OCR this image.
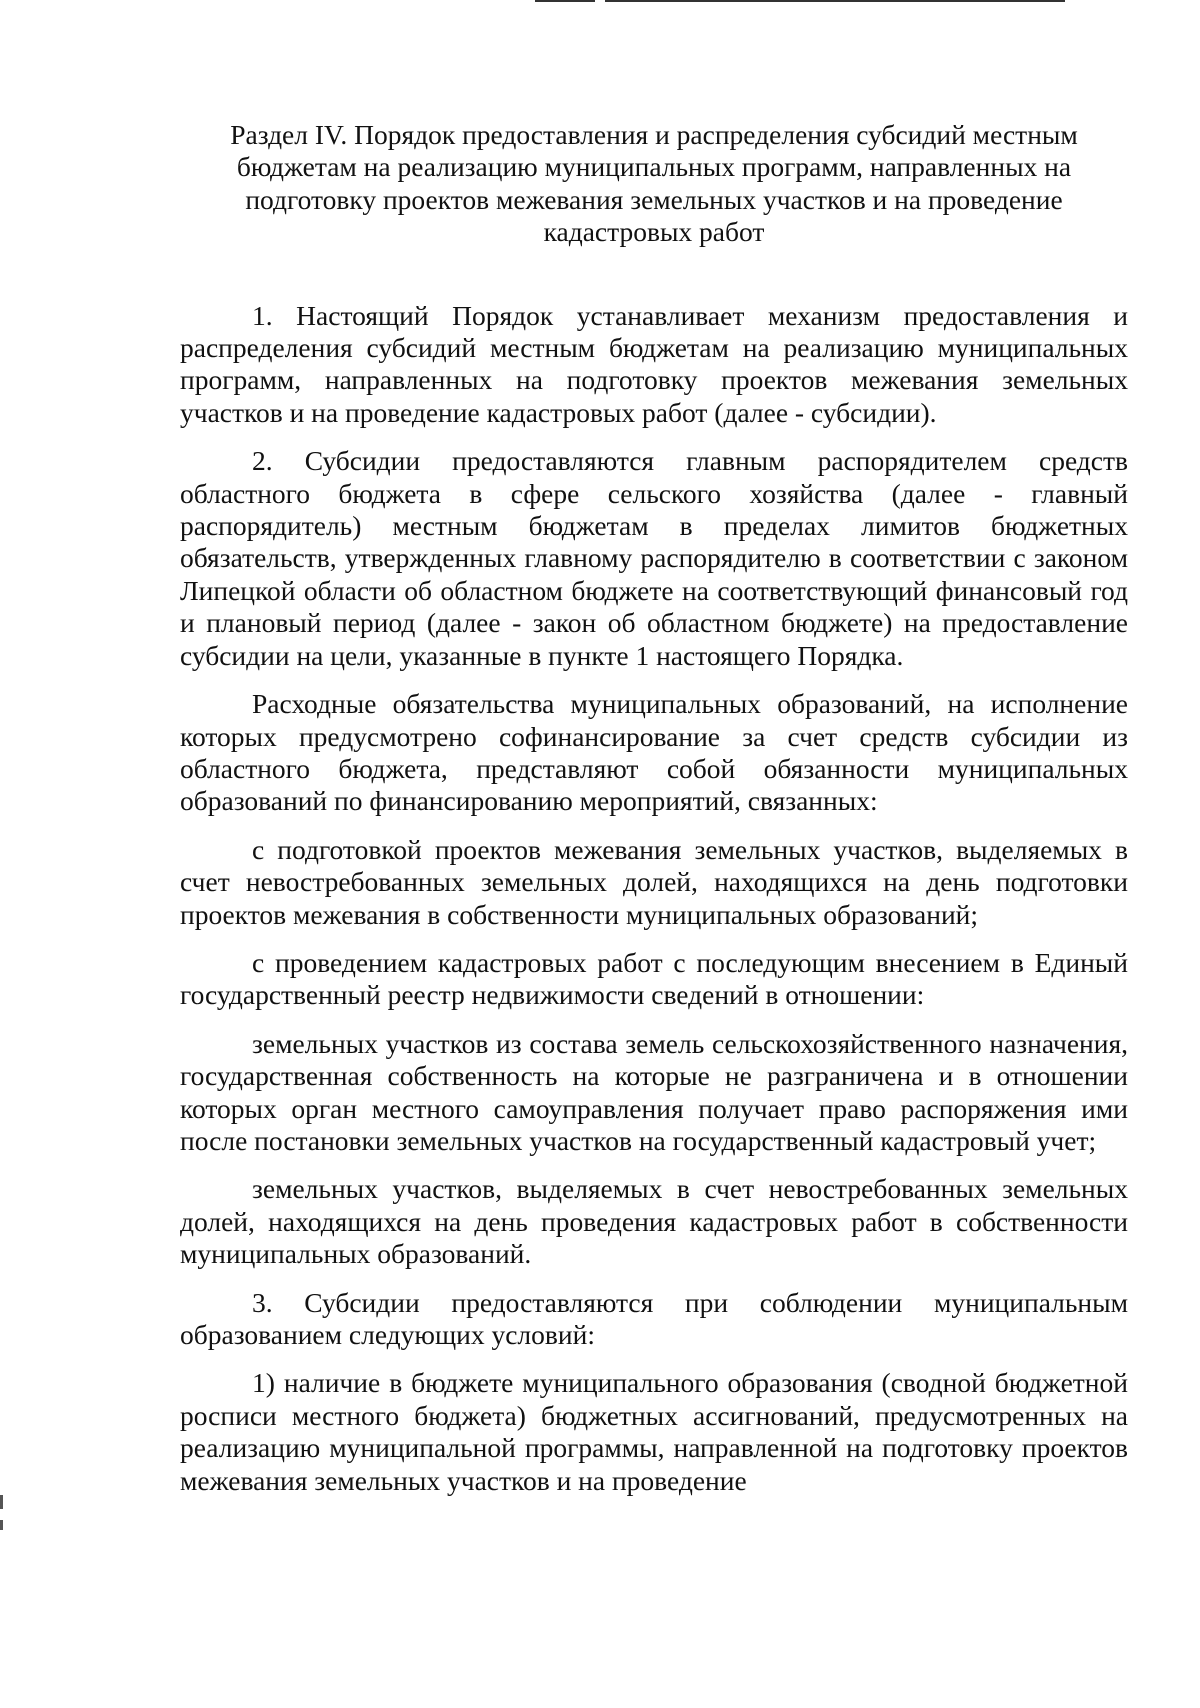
Раздел IV. Порядок предоставления и распределения субсидий местным бюджетам на реализацию муниципальных программ, направленных на подготовку проектов межевания земельных участков и на проведение кадастровых работ

1. Настоящий Порядок устанавливает механизм предоставления и распределения субсидий местным бюджетам на реализацию муниципальных программ, направленных на подготовку проектов межевания земельных участков и на проведение кадастровых работ (далее - субсидии).

2. Субсидии предоставляются главным распорядителем средств областного бюджета в сфере сельского хозяйства (далее - главный распорядитель) местным бюджетам в пределах лимитов бюджетных обязательств, утвержденных главному распорядителю в соответствии с законом Липецкой области об областном бюджете на соответствующий финансовый год и плановый период (далее - закон об областном бюджете) на предоставление субсидии на цели, указанные в пункте 1 настоящего Порядка.

Расходные обязательства муниципальных образований, на исполнение которых предусмотрено софинансирование за счет средств субсидии из областного бюджета, представляют собой обязанности муниципальных образований по финансированию мероприятий, связанных:

с подготовкой проектов межевания земельных участков, выделяемых в счет невостребованных земельных долей, находящихся на день подготовки проектов межевания в собственности муниципальных образований;

с проведением кадастровых работ с последующим внесением в Единый государственный реестр недвижимости сведений в отношении:

земельных участков из состава земель сельскохозяйственного назначения, государственная собственность на которые не разграничена и в отношении которых орган местного самоуправления получает право распоряжения ими после постановки земельных участков на государственный кадастровый учет;

земельных участков, выделяемых в счет невостребованных земельных долей, находящихся на день проведения кадастровых работ в собственности муниципальных образований.

3. Субсидии предоставляются при соблюдении муниципальным образованием следующих условий:

1) наличие в бюджете муниципального образования (сводной бюджетной росписи местного бюджета) бюджетных ассигнований, предусмотренных на реализацию муниципальной программы, направленной на подготовку проектов межевания земельных участков и на проведение
